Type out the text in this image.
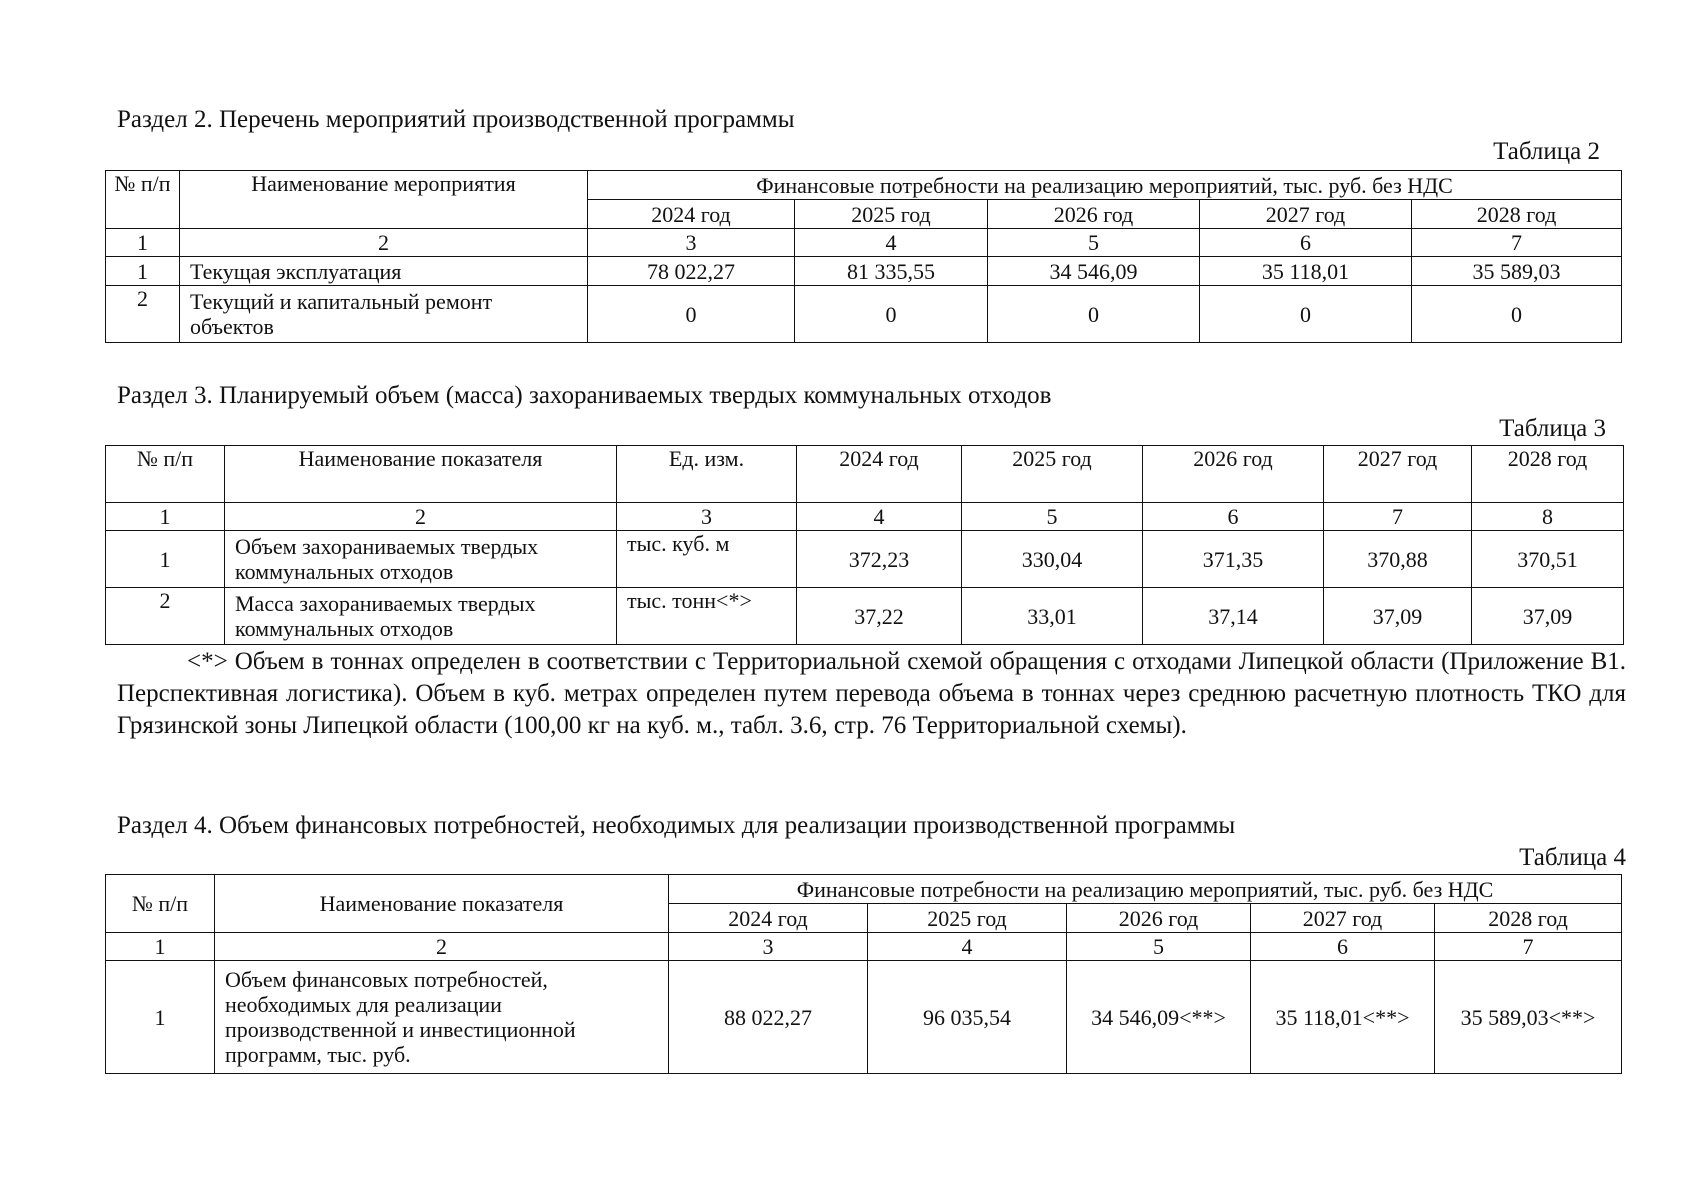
Раздел 2. Перечень мероприятий производственной программы
Таблица 2
№ п/п	Наименование мероприятия	Финансовые потребности на реализацию мероприятий, тыс. руб. без НДС				
		2024 год	2025 год	2026 год	2027 год	2028 год
1	2	3	4	5	6	7
1	Текущая эксплуатация	78 022,27	81 335,55	34 546,09	35 118,01	35 589,03
2	Текущий и капитальный ремонт объектов	0	0	0	0	0
Раздел 3. Планируемый объем (масса) захораниваемых твердых коммунальных отходов
Таблица 3
№ п/п	Наименование показателя	Ед. изм.	2024 год	2025 год	2026 год	2027 год	2028 год
1	2	3	4	5	6	7	8
1	Объем захораниваемых твердых коммунальных отходов	тыс. куб. м	372,23	330,04	371,35	370,88	370,51
2	Масса захораниваемых твердых коммунальных отходов	тыс. тонн<*>	37,22	33,01	37,14	37,09	37,09
<*> Объем в тоннах определен в соответствии с Территориальной схемой обращения с отходами Липецкой области (Приложение В1. Перспективная логистика). Объем в куб. метрах определен путем перевода объема в тоннах через среднюю расчетную плотность ТКО для Грязинской зоны Липецкой области (100,00 кг на куб. м., табл. 3.6, стр. 76 Территориальной схемы).
Раздел 4. Объем финансовых потребностей, необходимых для реализации производственной программы
Таблица 4
№ п/п	Наименование показателя	Финансовые потребности на реализацию мероприятий, тыс. руб. без НДС				
		2024 год	2025 год	2026 год	2027 год	2028 год
1	2	3	4	5	6	7
1	Объем финансовых потребностей, необходимых для реализации производственной и инвестиционной программ, тыс. руб.	88 022,27	96 035,54	34 546,09<**>	35 118,01<**>	35 589,03<**>
